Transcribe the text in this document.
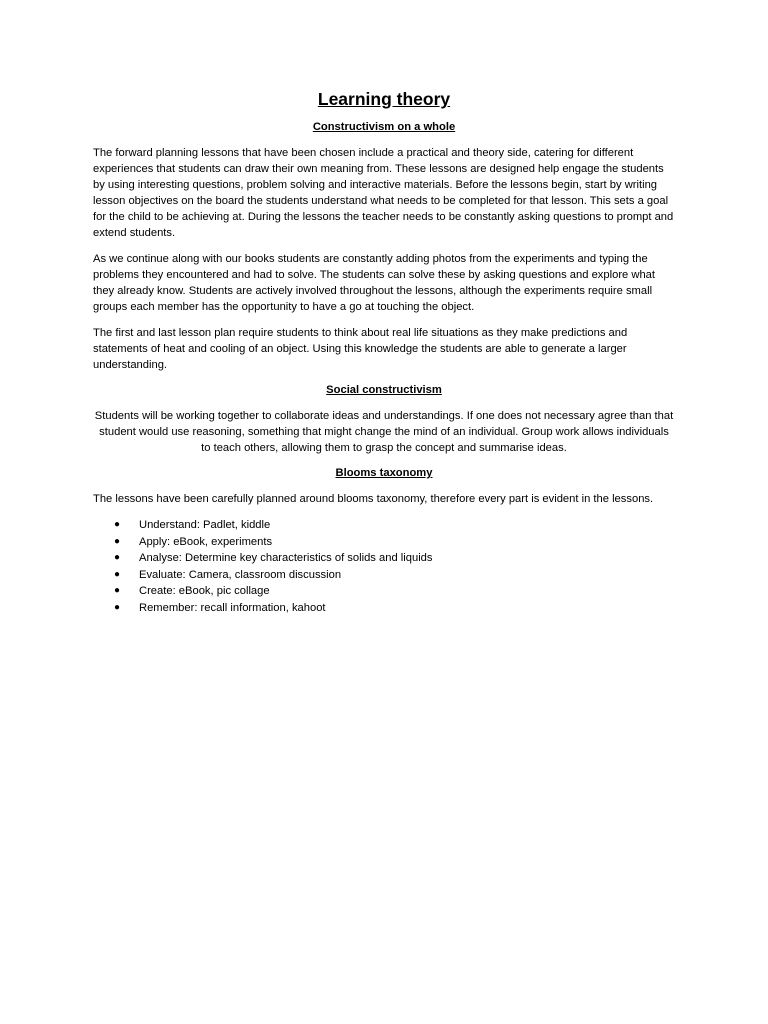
Learning theory
Constructivism on a whole

The forward planning lessons that have been chosen include a practical and theory side, catering for different experiences that students can draw their own meaning from. These lessons are designed help engage the students by using interesting questions, problem solving and interactive materials. Before the lessons begin, start by writing lesson objectives on the board the students understand what needs to be completed for that lesson. This sets a goal for the child to be achieving at. During the lessons the teacher needs to be constantly asking questions to prompt and extend students.

As we continue along with our books students are constantly adding photos from the experiments and typing the problems they encountered and had to solve. The students can solve these by asking questions and explore what they already know. Students are actively involved throughout the lessons, although the experiments require small groups each member has the opportunity to have a go at touching the object.

The first and last lesson plan require students to think about real life situations as they make predictions and statements of heat and cooling of an object. Using this knowledge the students are able to generate a larger understanding.

Social constructivism

Students will be working together to collaborate ideas and understandings. If one does not necessary agree than that student would use reasoning, something that might change the mind of an individual. Group work allows individuals to teach others, allowing them to grasp the concept and summarise ideas.

Blooms taxonomy

The lessons have been carefully planned around blooms taxonomy, therefore every part is evident in the lessons.

● Understand: Padlet, kiddle
● Apply: eBook, experiments
● Analyse: Determine key characteristics of solids and liquids
● Evaluate: Camera, classroom discussion
● Create: eBook, pic collage
● Remember: recall information, kahoot
